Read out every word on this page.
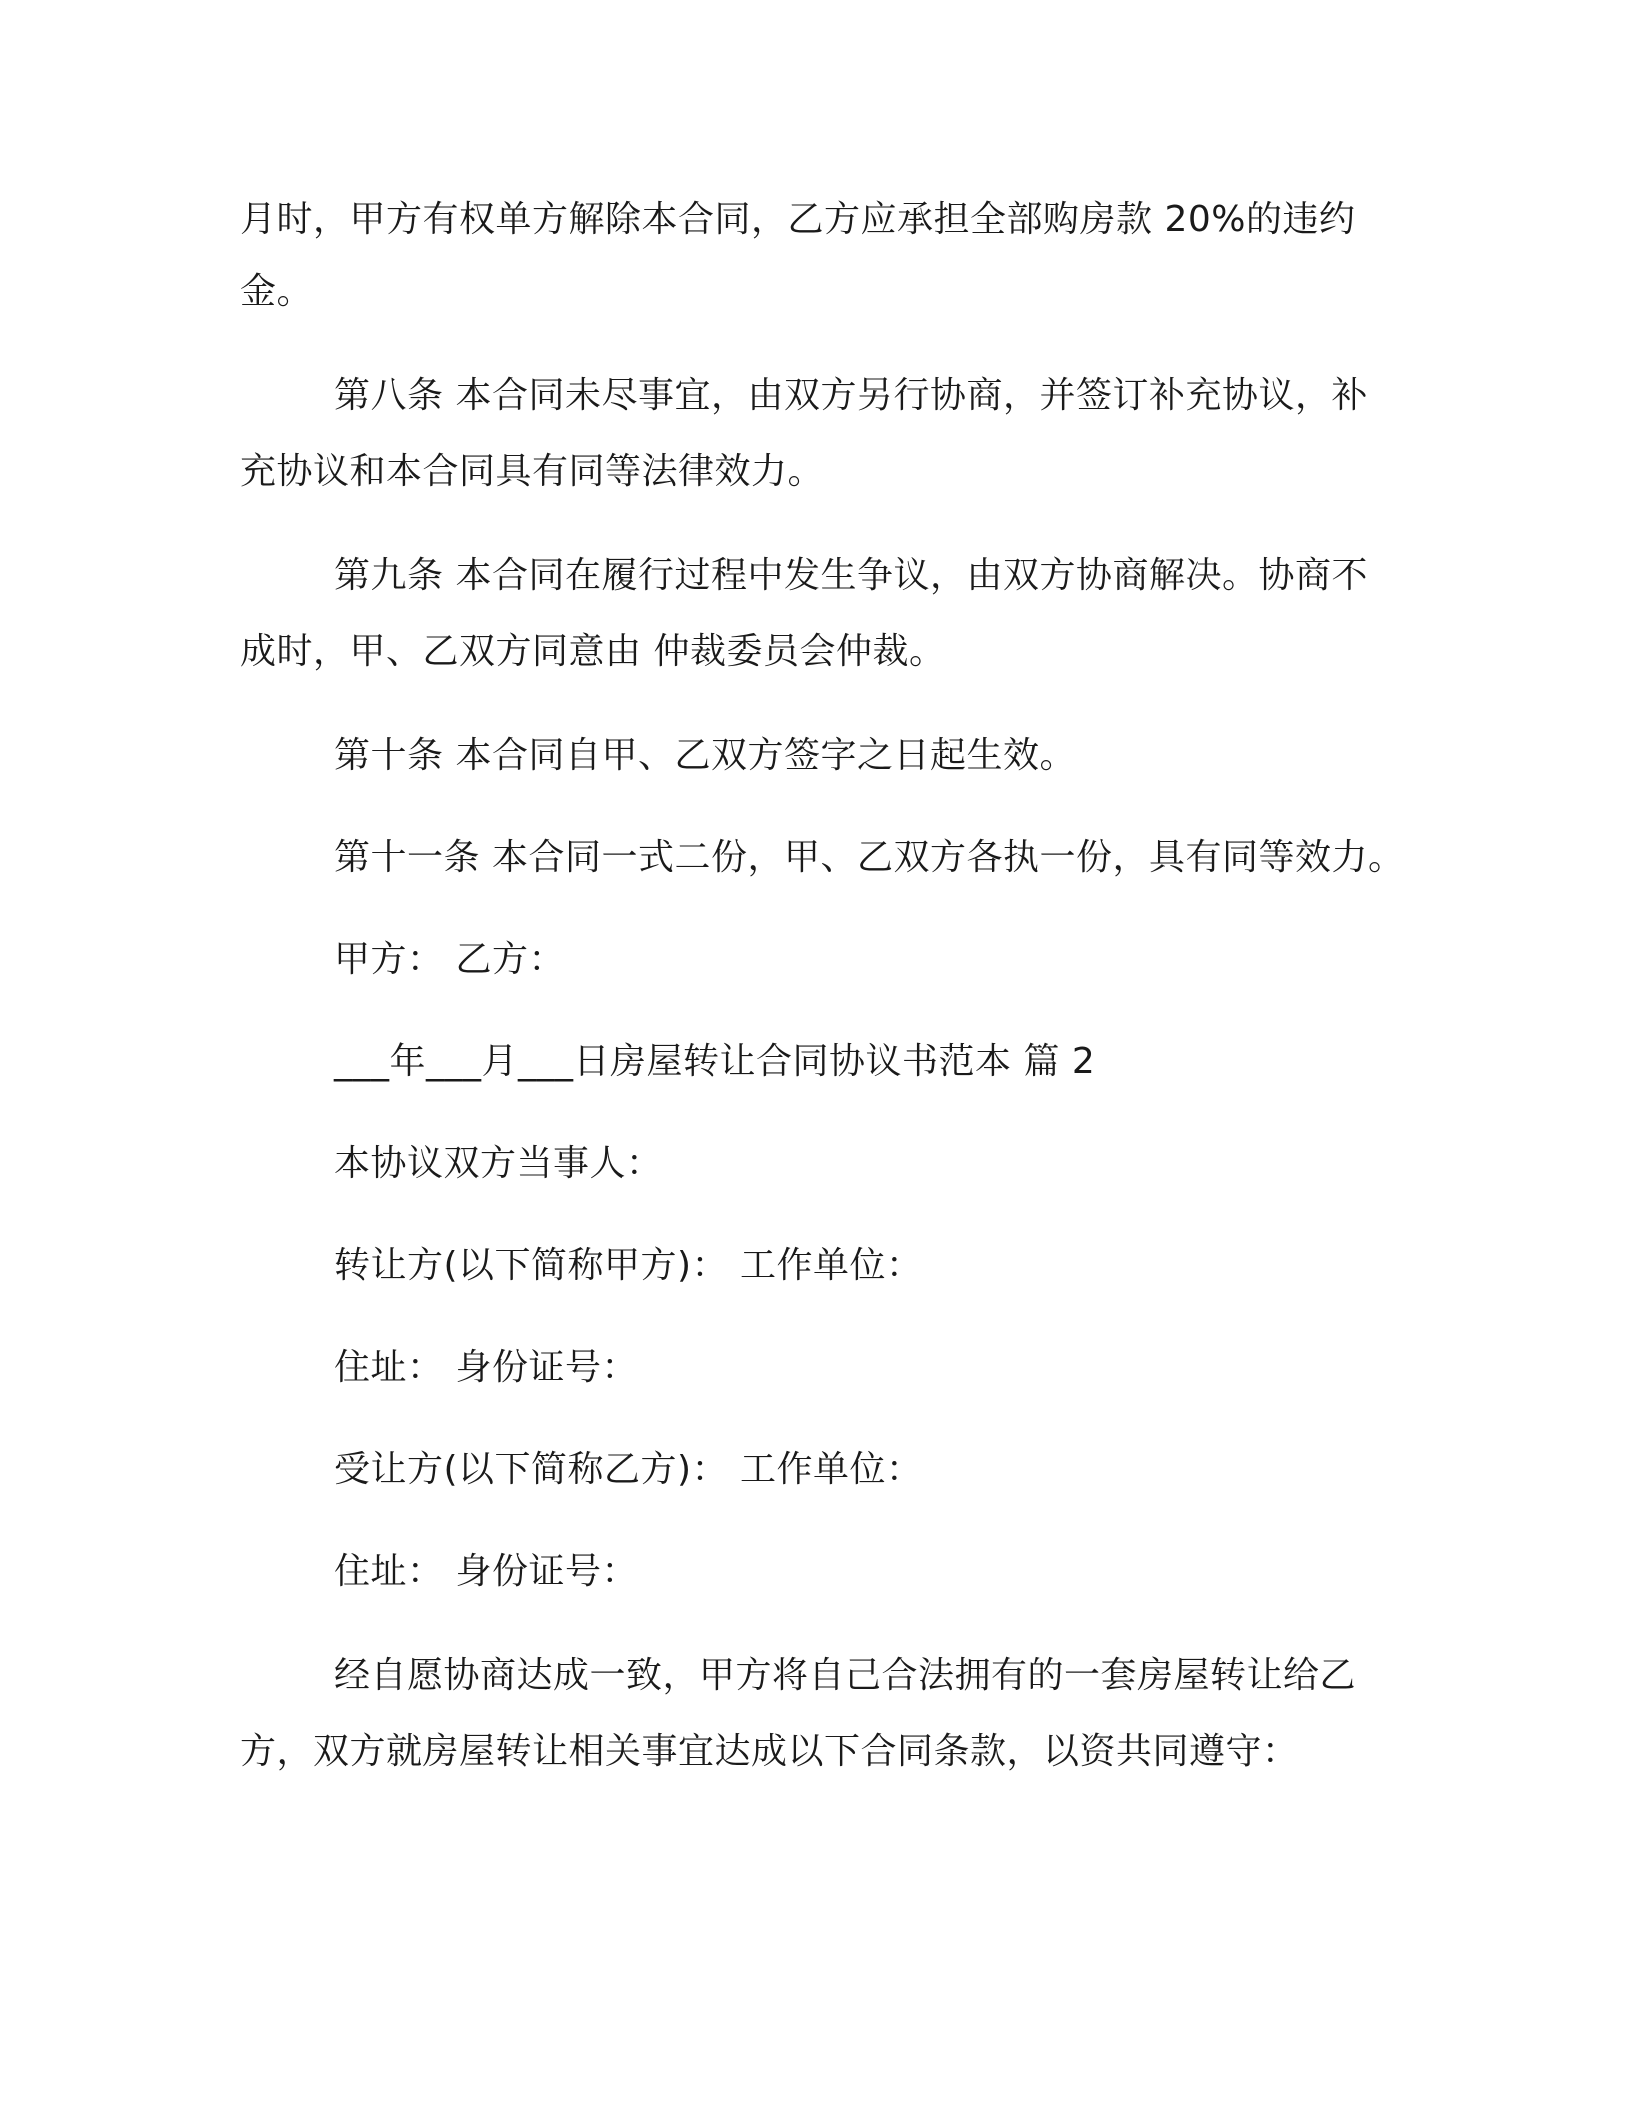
月时，甲方有权单方解除本合同，乙方应承担全部购房款 20%的违约
金。
第八条 本合同未尽事宜，由双方另行协商，并签订补充协议，补
充协议和本合同具有同等法律效力。
第九条 本合同在履行过程中发生争议，由双方协商解决。协商不
成时，甲、乙双方同意由 仲裁委员会仲裁。
第十条 本合同自甲、乙双方签字之日起生效。
第十一条 本合同一式二份，甲、乙双方各执一份，具有同等效力。
甲方： 乙方：
___年___月___日房屋转让合同协议书范本 篇 2
本协议双方当事人：
转让方(以下简称甲方)： 工作单位：
住址： 身份证号：
受让方(以下简称乙方)： 工作单位：
住址： 身份证号：
经自愿协商达成一致，甲方将自己合法拥有的一套房屋转让给乙
方，双方就房屋转让相关事宜达成以下合同条款，以资共同遵守：
